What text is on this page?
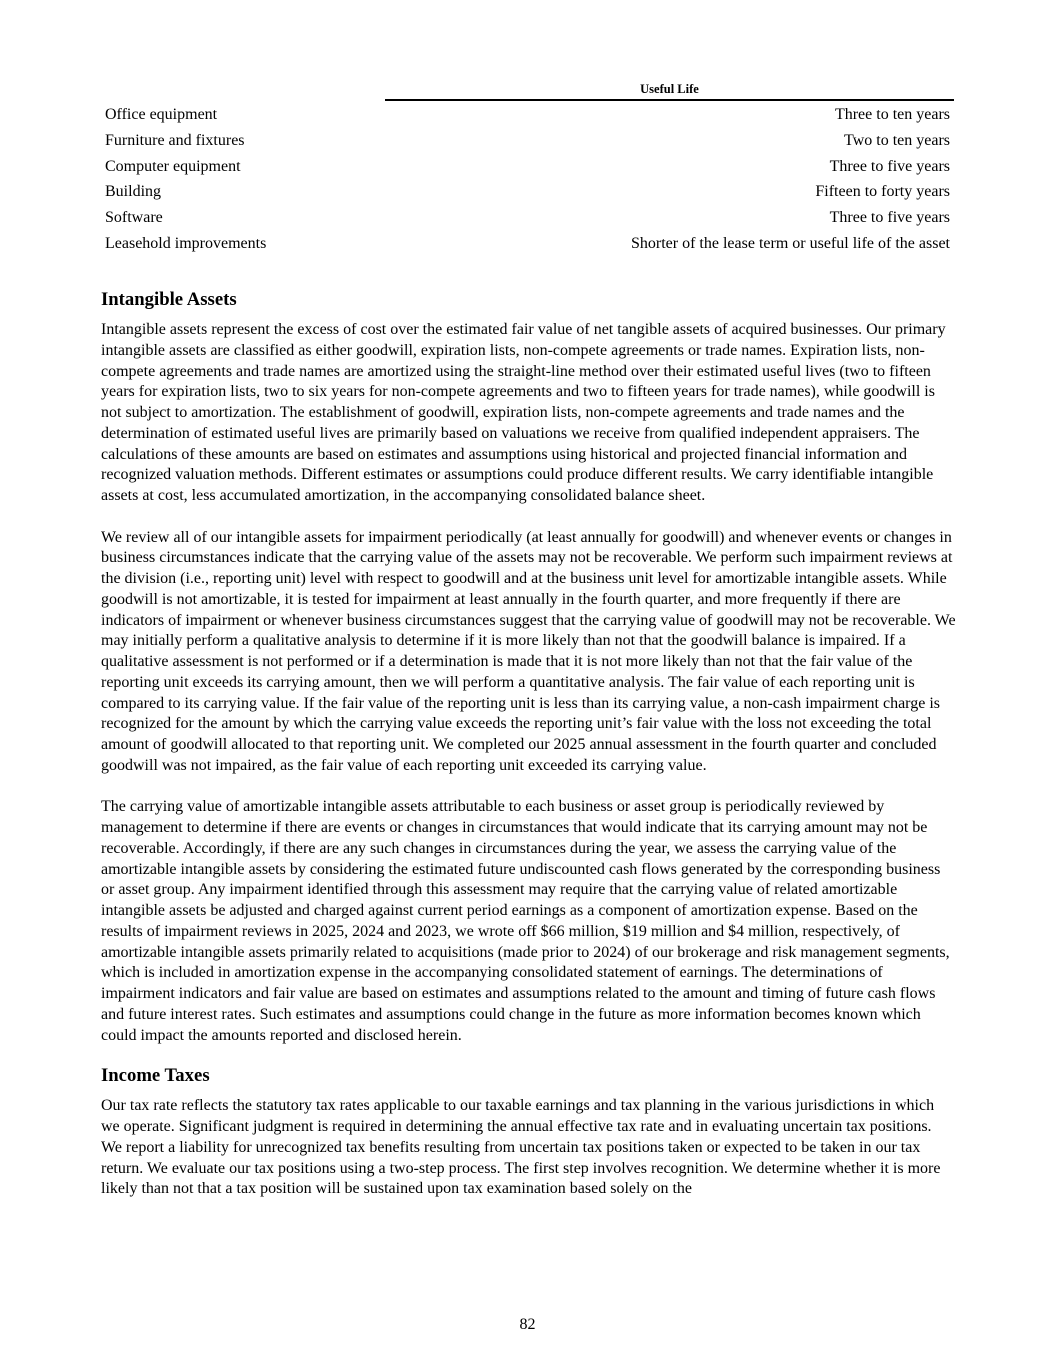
Useful Life
Office equipment	Three to ten years
Furniture and fixtures	Two to ten years
Computer equipment	Three to five years
Building	Fifteen to forty years
Software	Three to five years
Leasehold improvements	Shorter of the lease term or useful life of the asset
Intangible Assets

Intangible assets represent the excess of cost over the estimated fair value of net tangible assets of acquired businesses. Our primary intangible assets are classified as either goodwill, expiration lists, non-compete agreements or trade names. Expiration lists, non-compete agreements and trade names are amortized using the straight-line method over their estimated useful lives (two to fifteen years for expiration lists, two to six years for non-compete agreements and two to fifteen years for trade names), while goodwill is not subject to amortization. The establishment of goodwill, expiration lists, non-compete agreements and trade names and the determination of estimated useful lives are primarily based on valuations we receive from qualified independent appraisers. The calculations of these amounts are based on estimates and assumptions using historical and projected financial information and recognized valuation methods. Different estimates or assumptions could produce different results. We carry identifiable intangible assets at cost, less accumulated amortization, in the accompanying consolidated balance sheet.

We review all of our intangible assets for impairment periodically (at least annually for goodwill) and whenever events or changes in business circumstances indicate that the carrying value of the assets may not be recoverable. We perform such impairment reviews at the division (i.e., reporting unit) level with respect to goodwill and at the business unit level for amortizable intangible assets. While goodwill is not amortizable, it is tested for impairment at least annually in the fourth quarter, and more frequently if there are indicators of impairment or whenever business circumstances suggest that the carrying value of goodwill may not be recoverable. We may initially perform a qualitative analysis to determine if it is more likely than not that the goodwill balance is impaired. If a qualitative assessment is not performed or if a determination is made that it is not more likely than not that the fair value of the reporting unit exceeds its carrying amount, then we will perform a quantitative analysis. The fair value of each reporting unit is compared to its carrying value. If the fair value of the reporting unit is less than its carrying value, a non-cash impairment charge is recognized for the amount by which the carrying value exceeds the reporting unit’s fair value with the loss not exceeding the total amount of goodwill allocated to that reporting unit. We completed our 2025 annual assessment in the fourth quarter and concluded goodwill was not impaired, as the fair value of each reporting unit exceeded its carrying value.

The carrying value of amortizable intangible assets attributable to each business or asset group is periodically reviewed by management to determine if there are events or changes in circumstances that would indicate that its carrying amount may not be recoverable. Accordingly, if there are any such changes in circumstances during the year, we assess the carrying value of the amortizable intangible assets by considering the estimated future undiscounted cash flows generated by the corresponding business or asset group. Any impairment identified through this assessment may require that the carrying value of related amortizable intangible assets be adjusted and charged against current period earnings as a component of amortization expense. Based on the results of impairment reviews in 2025, 2024 and 2023, we wrote off $66 million, $19 million and $4 million, respectively, of amortizable intangible assets primarily related to acquisitions (made prior to 2024) of our brokerage and risk management segments, which is included in amortization expense in the accompanying consolidated statement of earnings. The determinations of impairment indicators and fair value are based on estimates and assumptions related to the amount and timing of future cash flows and future interest rates. Such estimates and assumptions could change in the future as more information becomes known which could impact the amounts reported and disclosed herein.

Income Taxes

Our tax rate reflects the statutory tax rates applicable to our taxable earnings and tax planning in the various jurisdictions in which we operate. Significant judgment is required in determining the annual effective tax rate and in evaluating uncertain tax positions. We report a liability for unrecognized tax benefits resulting from uncertain tax positions taken or expected to be taken in our tax return. We evaluate our tax positions using a two-step process. The first step involves recognition. We determine whether it is more likely than not that a tax position will be sustained upon tax examination based solely on the

82
